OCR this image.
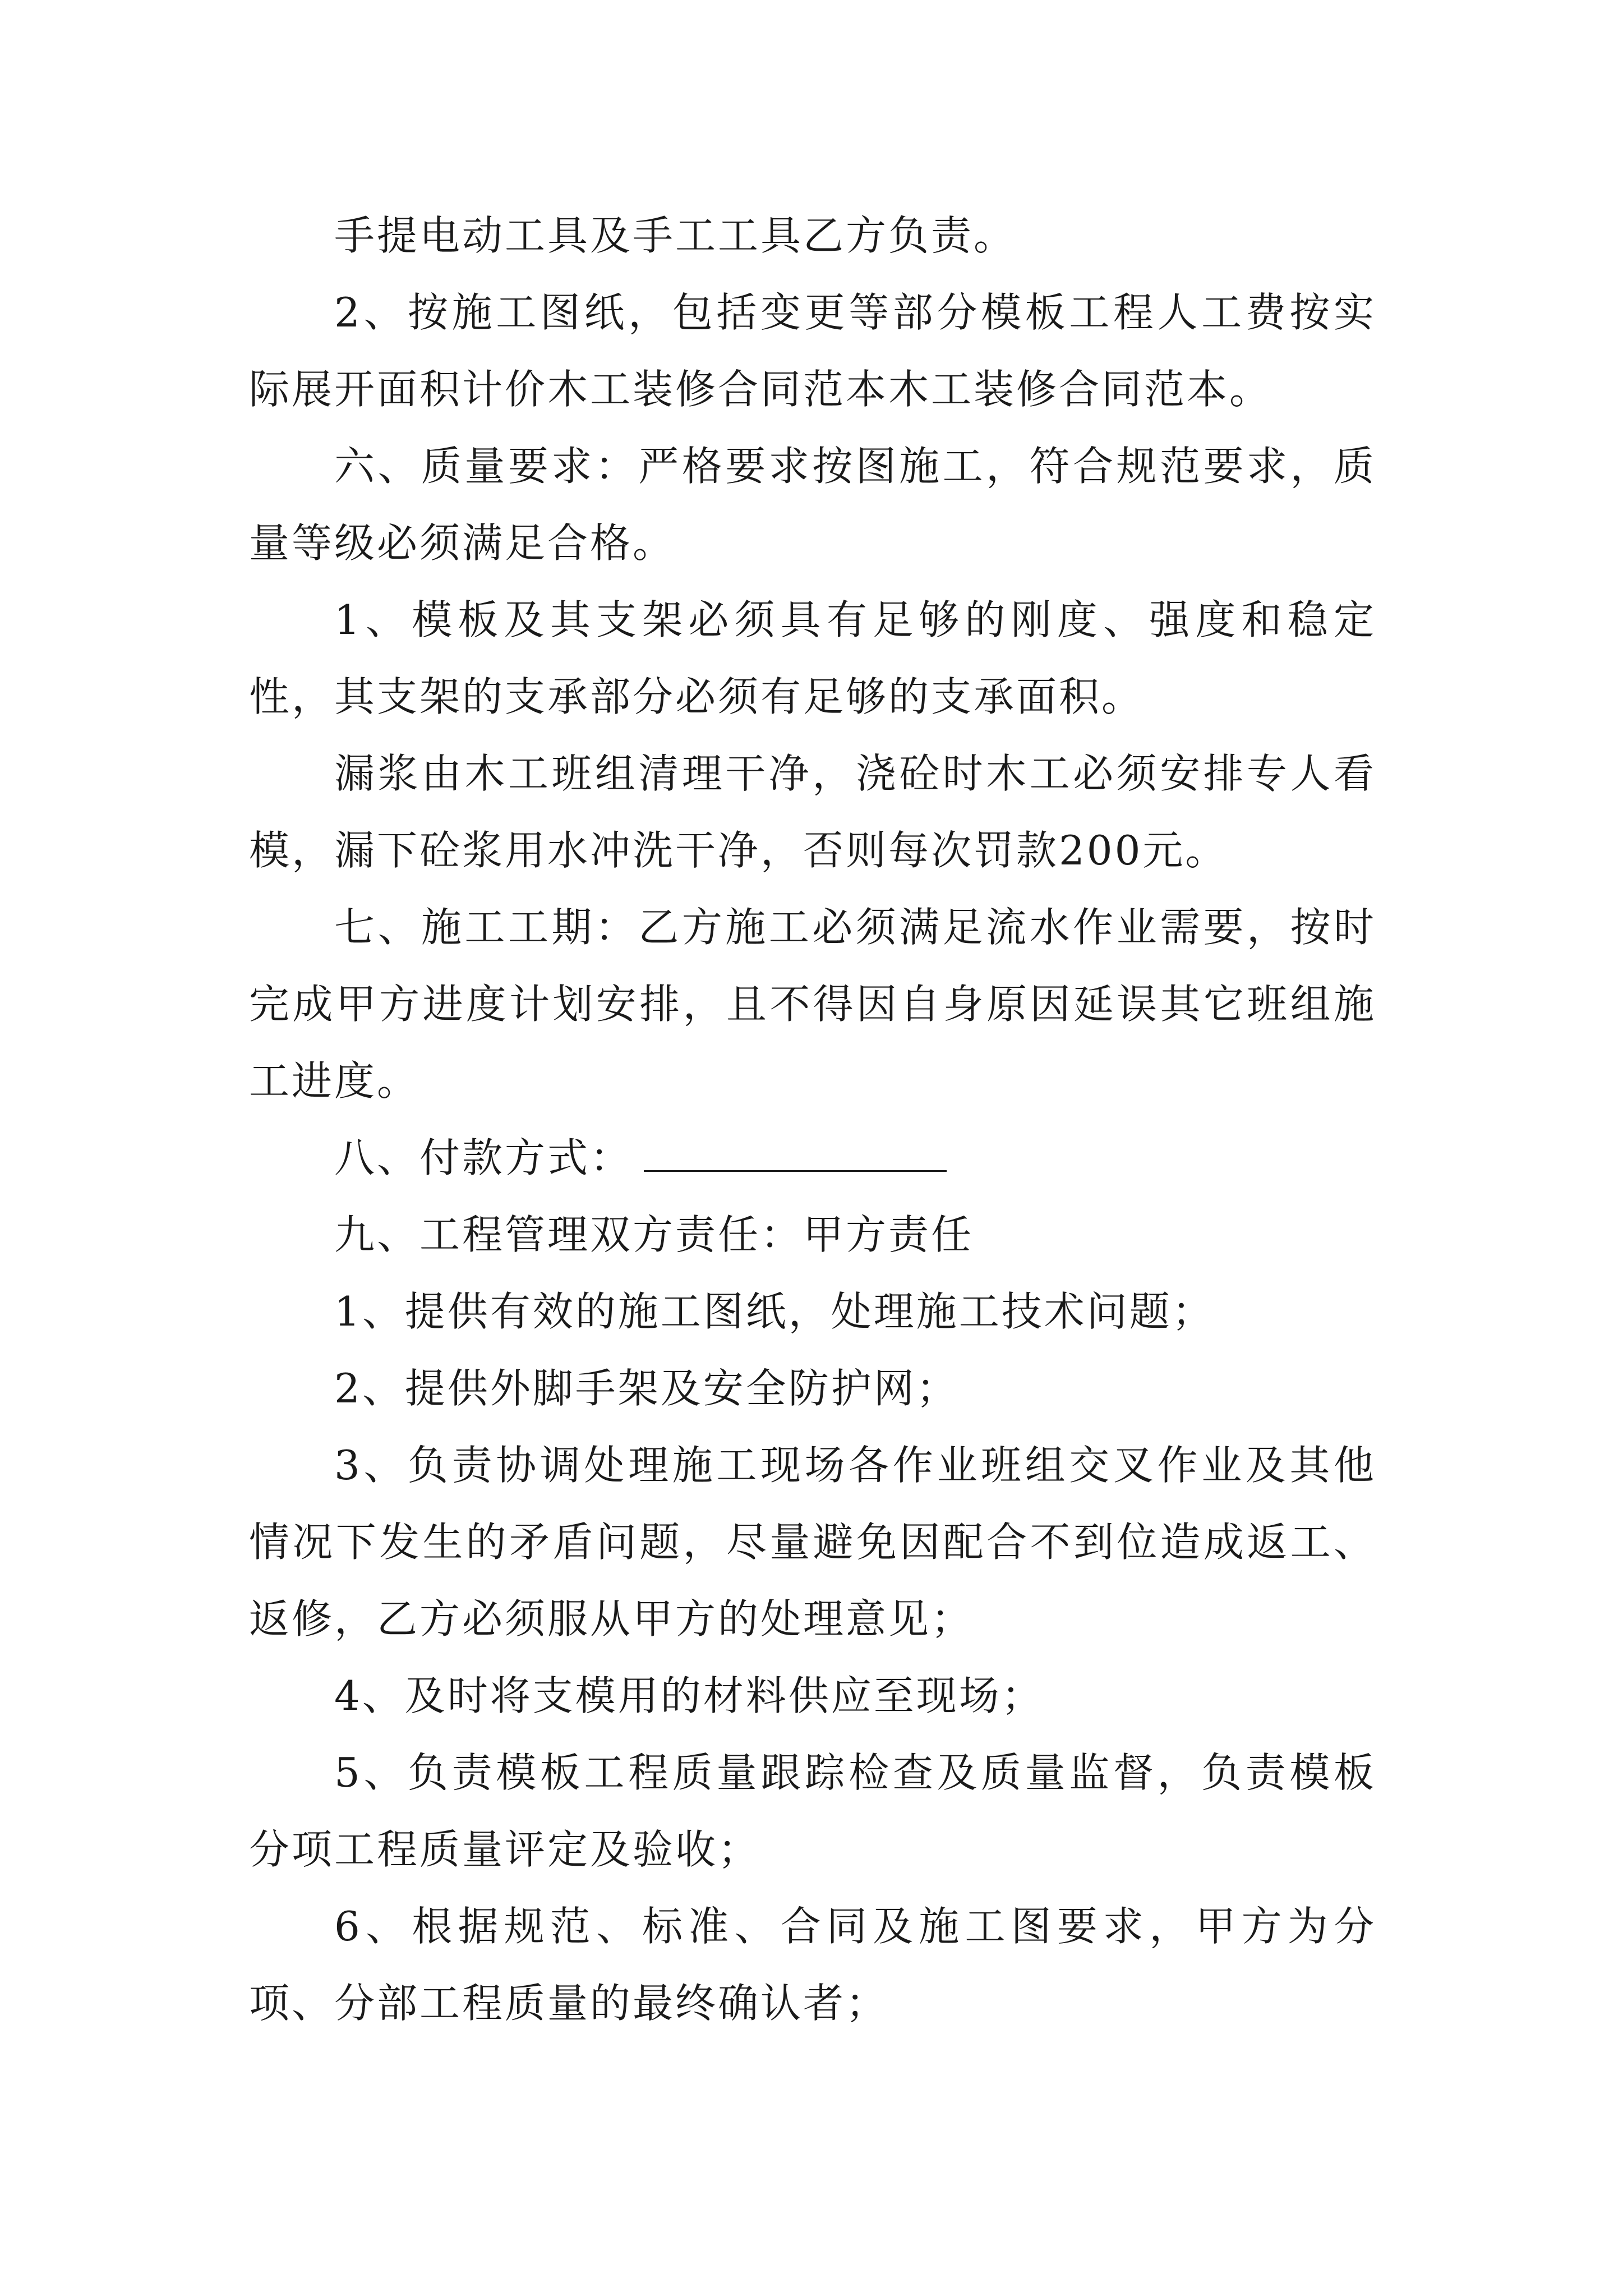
手提电动工具及手工工具乙方负责。

2、按施工图纸，包括变更等部分模板工程人工费按实际展开面积计价木工装修合同范本木工装修合同范本。

六、质量要求：严格要求按图施工，符合规范要求，质量等级必须满足合格。

1、模板及其支架必须具有足够的刚度、强度和稳定性，其支架的支承部分必须有足够的支承面积。

漏浆由木工班组清理干净，浇砼时木工必须安排专人看模，漏下砼浆用水冲洗干净，否则每次罚款200元。

七、施工工期：乙方施工必须满足流水作业需要，按时完成甲方进度计划安排，且不得因自身原因延误其它班组施工进度。

八、付款方式：

九、工程管理双方责任：甲方责任

1、提供有效的施工图纸，处理施工技术问题；

2、提供外脚手架及安全防护网；

3、负责协调处理施工现场各作业班组交叉作业及其他情况下发生的矛盾问题，尽量避免因配合不到位造成返工、返修，乙方必须服从甲方的处理意见；

4、及时将支模用的材料供应至现场；

5、负责模板工程质量跟踪检查及质量监督，负责模板分项工程质量评定及验收；

6、根据规范、标准、合同及施工图要求，甲方为分项、分部工程质量的最终确认者；
